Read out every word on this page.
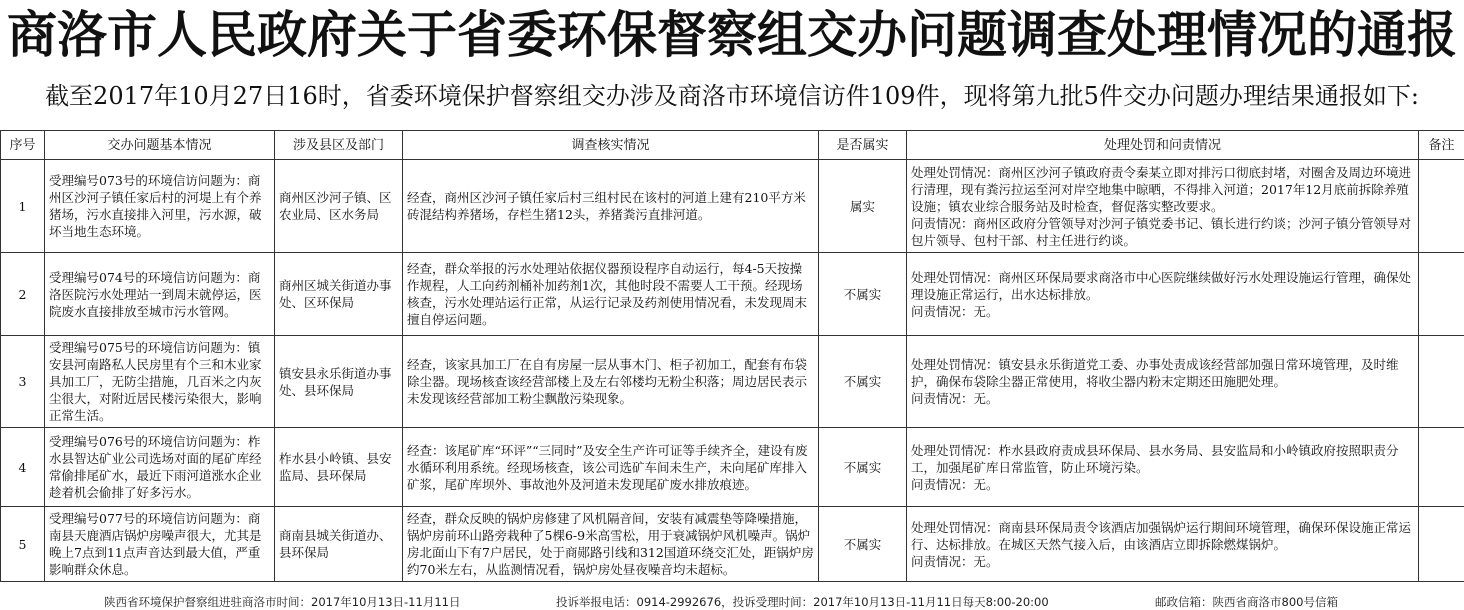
商洛市人民政府关于省委环保督察组交办问题调查处理情况的通报
截至2017年10月27日16时，省委环境保护督察组交办涉及商洛市环境信访件109件，现将第九批5件交办问题办理结果通报如下:
序号	交办问题基本情况	涉及县区及部门	调查核实情况	是否属实	处理处罚和问责情况	备注
1	受理编号073号的环境信访问题为：商州区沙河子镇任家后村的河堤上有个养猪场，污水直接排入河里，污水源，破坏当地生态环境。	商州区沙河子镇、区农业局、区水务局	经查，商州区沙河子镇任家后村三组村民在该村的河道上建有210平方米砖混结构养猪场，存栏生猪12头，养猪粪污直排河道。	属实	处理处罚情况：商州区沙河子镇政府责令秦某立即对排污口彻底封堵，对圈舍及周边环境进行清理，现有粪污拉运至河对岸空地集中晾晒，不得排入河道；2017年12月底前拆除养殖设施；镇农业综合服务站及时检查，督促落实整改要求。
问责情况：商州区政府分管领导对沙河子镇党委书记、镇长进行约谈；沙河子镇分管领导对包片领导、包村干部、村主任进行约谈。	

2	受理编号074号的环境信访问题为：商洛医院污水处理站一到周末就停运，医院废水直接排放至城市污水管网。	商州区城关街道办事处、区环保局	经查，群众举报的污水处理站依据仪器预设程序自动运行，每4-5天按操作规程，人工向药剂桶补加药剂1次，其他时段不需要人工干预。经现场核查，污水处理站运行正常，从运行记录及药剂使用情况看，未发现周末擅自停运问题。	不属实	处理处罚情况：商州区环保局要求商洛市中心医院继续做好污水处理设施运行管理，确保处理设施正常运行，出水达标排放。
问责情况：无。	

3	受理编号075号的环境信访问题为：镇安县河南路私人民房里有个三和木业家具加工厂，无防尘措施，几百米之内灰尘很大，对附近居民楼污染很大，影响正常生活。	镇安县永乐街道办事处、县环保局	经查，该家具加工厂在自有房屋一层从事木门、柜子初加工，配套有布袋除尘器。现场核查该经营部楼上及左右邻楼均无粉尘积落；周边居民表示未发现该经营部加工粉尘飘散污染现象。	不属实	处理处罚情况：镇安县永乐街道党工委、办事处责成该经营部加强日常环境管理，及时维护，确保布袋除尘器正常使用，将收尘器内粉末定期还田施肥处理。
问责情况：无。	

4	受理编号076号的环境信访问题为：柞水县智达矿业公司选场对面的尾矿库经常偷排尾矿水，最近下雨河道涨水企业趁着机会偷排了好多污水。	柞水县小岭镇、县安监局、县环保局	经查：该尾矿库“环评”“三同时”及安全生产许可证等手续齐全，建设有废水循环利用系统。经现场核查，该公司选矿车间未生产，未向尾矿库排入矿浆，尾矿库坝外、事故池外及河道未发现尾矿废水排放痕迹。	不属实	处理处罚情况：柞水县政府责成县环保局、县水务局、县安监局和小岭镇政府按照职责分工，加强尾矿库日常监管，防止环境污染。
问责情况：无。	

5	受理编号077号的环境信访问题为：商南县天鹿酒店锅炉房噪声很大，尤其是晚上7点到11点声音达到最大值，严重影响群众休息。	商南县城关街道办、县环保局	经查，群众反映的锅炉房修建了风机隔音间，安装有减震垫等降噪措施，锅炉房前环山路旁栽种了5棵6-9米高雪松，用于衰减锅炉风机噪声。锅炉房北面山下有7户居民，处于商郧路引线和312国道环绕交汇处，距锅炉房约70米左右，从监测情况看，锅炉房处昼夜噪音均未超标。	不属实	处理处罚情况：商南县环保局责令该酒店加强锅炉运行期间环境管理，确保环保设施正常运行、达标排放。在城区天然气接入后，由该酒店立即拆除燃煤锅炉。
问责情况：无。	

陕西省环境保护督察组进驻商洛市时间：2017年10月13日-11月11日	投诉举报电话：0914-2992676，投诉受理时间：2017年10月13日-11月11日每天8:00-20:00	邮政信箱：陕西省商洛市800号信箱
